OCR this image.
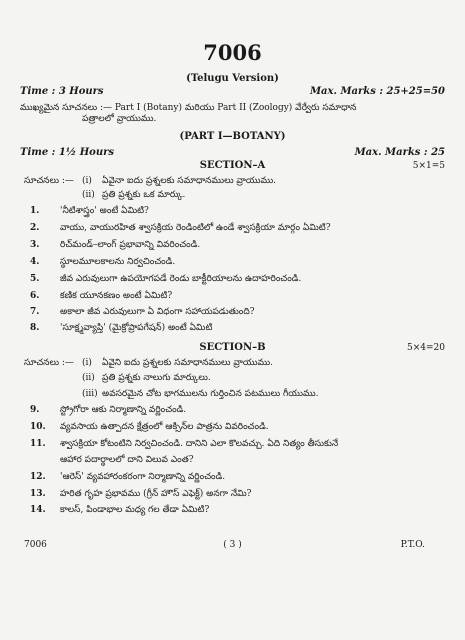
7006
(Telugu Version)
Time : 3 Hours	Max. Marks : 25+25=50
ముఖ్యమైన సూచనలు :— Part I (Botany) మరియు Part II (Zoology) వేర్వేరు సమాధాన
పత్రాలలో వ్రాయుము.
(PART I—BOTANY)
Time : 1½ Hours	Max. Marks : 25
SECTION–A	5×1=5
సూచనలు :— (i) ఏవైనా ఐదు ప్రశ్నలకు సమాధానములు వ్రాయుము.
(ii) ప్రతి ప్రశ్నకు ఒక మార్కు.
1.	'నీటిశాస్త్రం' అంటే ఏమిటి?
2.	వాయు, వాయురహిత శ్వాసక్రియ రెండింటిలో ఉండే శ్వాసక్రియా మార్గం ఏమిటి?
3.	రిచ్‌మండ్–లాంగ్ ప్రభావాన్ని వివరించండి.
4.	స్థూలమూలకాలను నిర్వచించండి.
5.	జీవ ఎరువులుగా ఉపయోగపడే రెండు బాక్టీరియాలను ఉదాహరించండి.
6.	కణిక యూనకణం అంటే ఏమిటి?
7.	అకాలా జీవ ఎరువులుగా ఏ విధంగా సహాయపడుతుంది?
8.	'సూక్ష్మవ్యాప్తి' (మైక్రోప్రాపగేషన్) అంటే ఏమిటి
SECTION–B	5×4=20
సూచనలు :— (i) ఏవైని ఐదు ప్రశ్నలకు సమాధానములు వ్రాయుము.
(ii) ప్రతి ప్రశ్నకు నాలుగు మార్కులు.
(iii) అవసరమైన చోట భాగములను గుర్తించిన పటములు గీయుము.
9.	స్ట్రోగోరా ఆకు నిర్మాణాన్ని వర్ణించండి.
10.	వ్యవసాయ ఉత్పాదన క్షేత్రంలో ఆక్సిన్‌ల పాత్రను వివరించండి.
11.	శ్వాసక్రియా కోటంటిని నిర్వచించండి. దానిని ఎలా కొలవచ్చు. ఏది నిత్యం తీసుకునే
ఆహార పదార్థాలలో దాని విలువ ఎంత?
12.	'ఆరెస్' వ్యవహారంకరంగా నిర్మాణాన్ని వర్ణించండి.
13.	హరిత గృహ ప్రభావము (గ్రీన్ హౌస్ ఎఫెక్ట్) అనగా నేమి?
14.	కాలస్, పిండాభాల మధ్య గల తేడా ఏమిటి?
7006	( 3 )	P.T.O.
